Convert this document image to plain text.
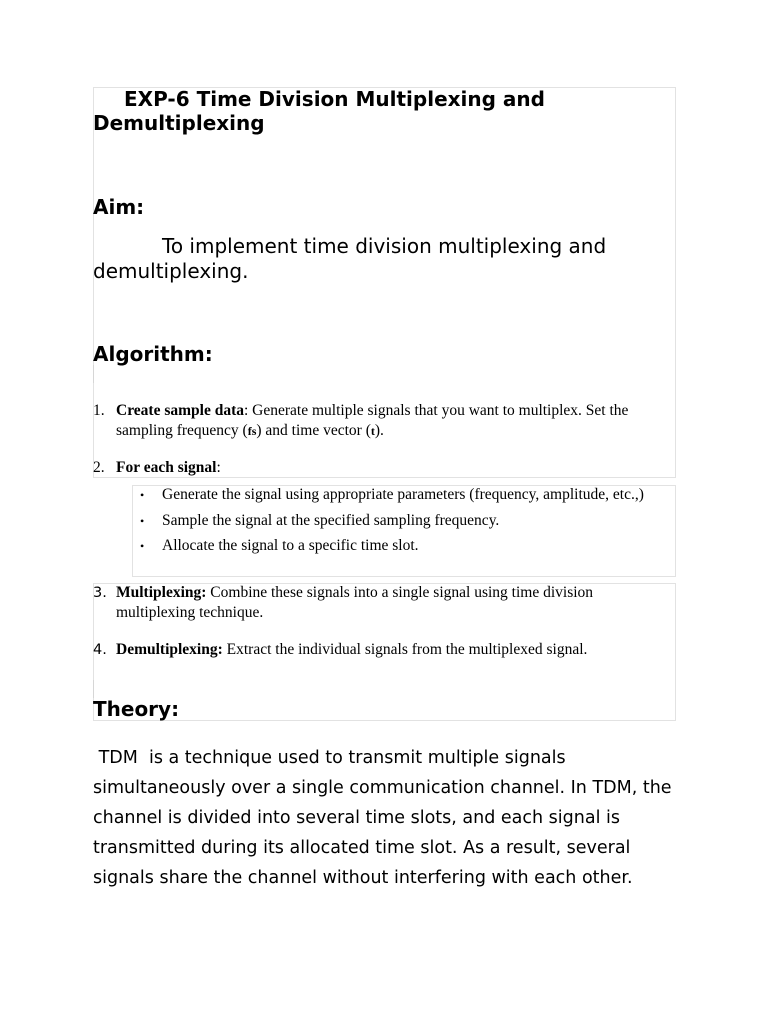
EXP-6 Time Division Multiplexing and
Demultiplexing
Aim:

To implement time division multiplexing and
demultiplexing.

Algorithm:
1. Create sample data: Generate multiple signals that you want to multiplex. Set the sampling frequency (fs) and time vector (t).
2. For each signal:
• Generate the signal using appropriate parameters (frequency, amplitude, etc.,)
• Sample the signal at the specified sampling frequency.
• Allocate the signal to a specific time slot.
3. Multiplexing: Combine these signals into a single signal using time division multiplexing technique.
4. Demultiplexing: Extract the individual signals from the multiplexed signal.
Theory:

TDM  is a technique used to transmit multiple signals simultaneously over a single communication channel. In TDM, the channel is divided into several time slots, and each signal is transmitted during its allocated time slot. As a result, several signals share the channel without interfering with each other.
